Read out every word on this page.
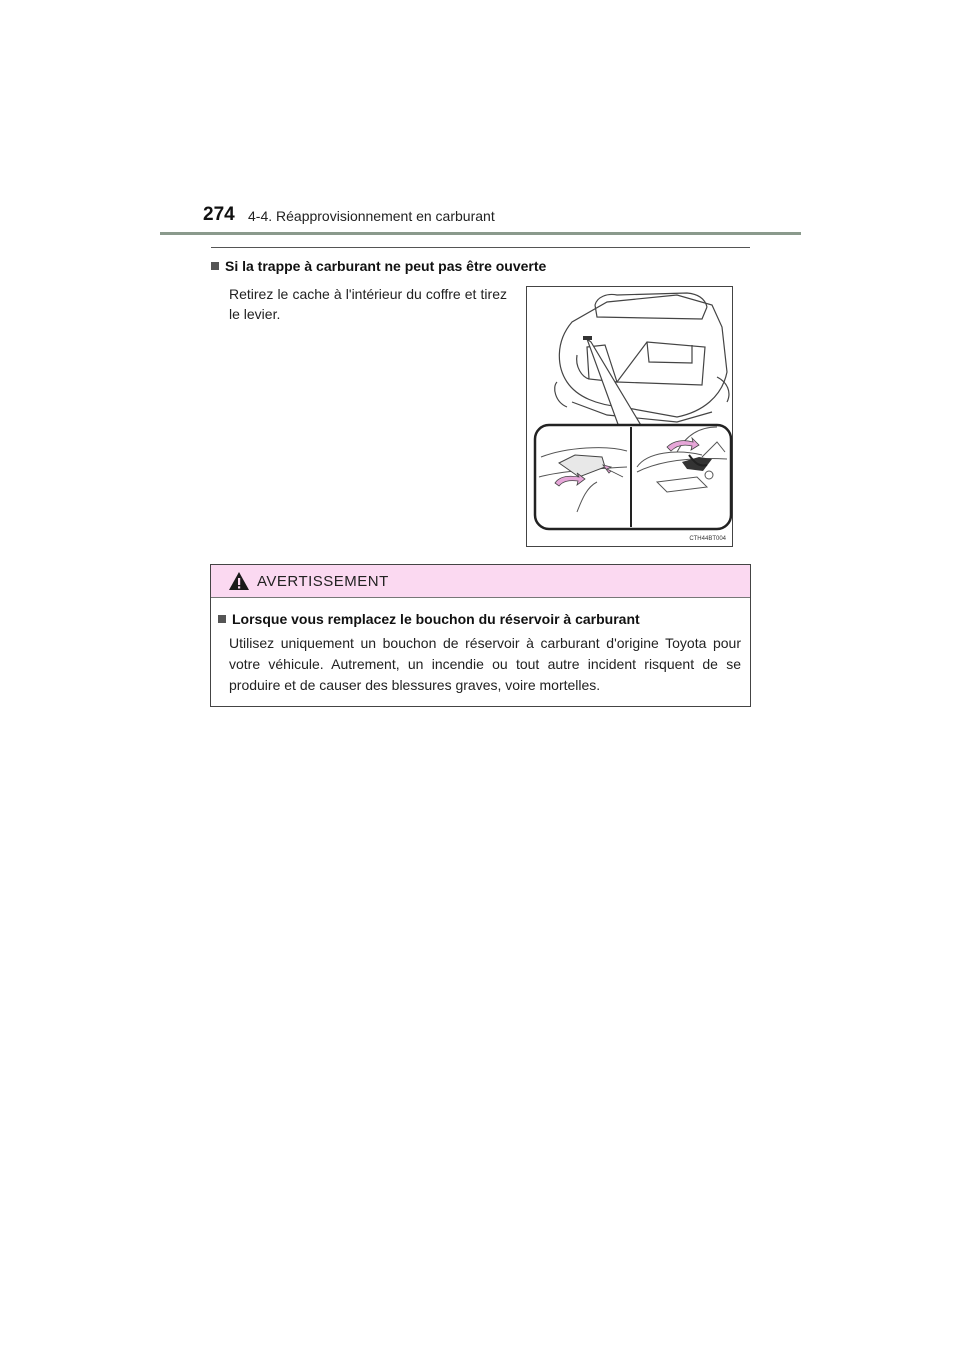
274 4-4. Réapprovisionnement en carburant
Si la trappe à carburant ne peut pas être ouverte
Retirez le cache à l'intérieur du coffre et tirez le levier.
CTH44BT004
AVERTISSEMENT
Lorsque vous remplacez le bouchon du réservoir à carburant
Utilisez uniquement un bouchon de réservoir à carburant d'origine Toyota pour votre véhicule. Autrement, un incendie ou tout autre incident risquent de se produire et de causer des blessures graves, voire mortelles.
